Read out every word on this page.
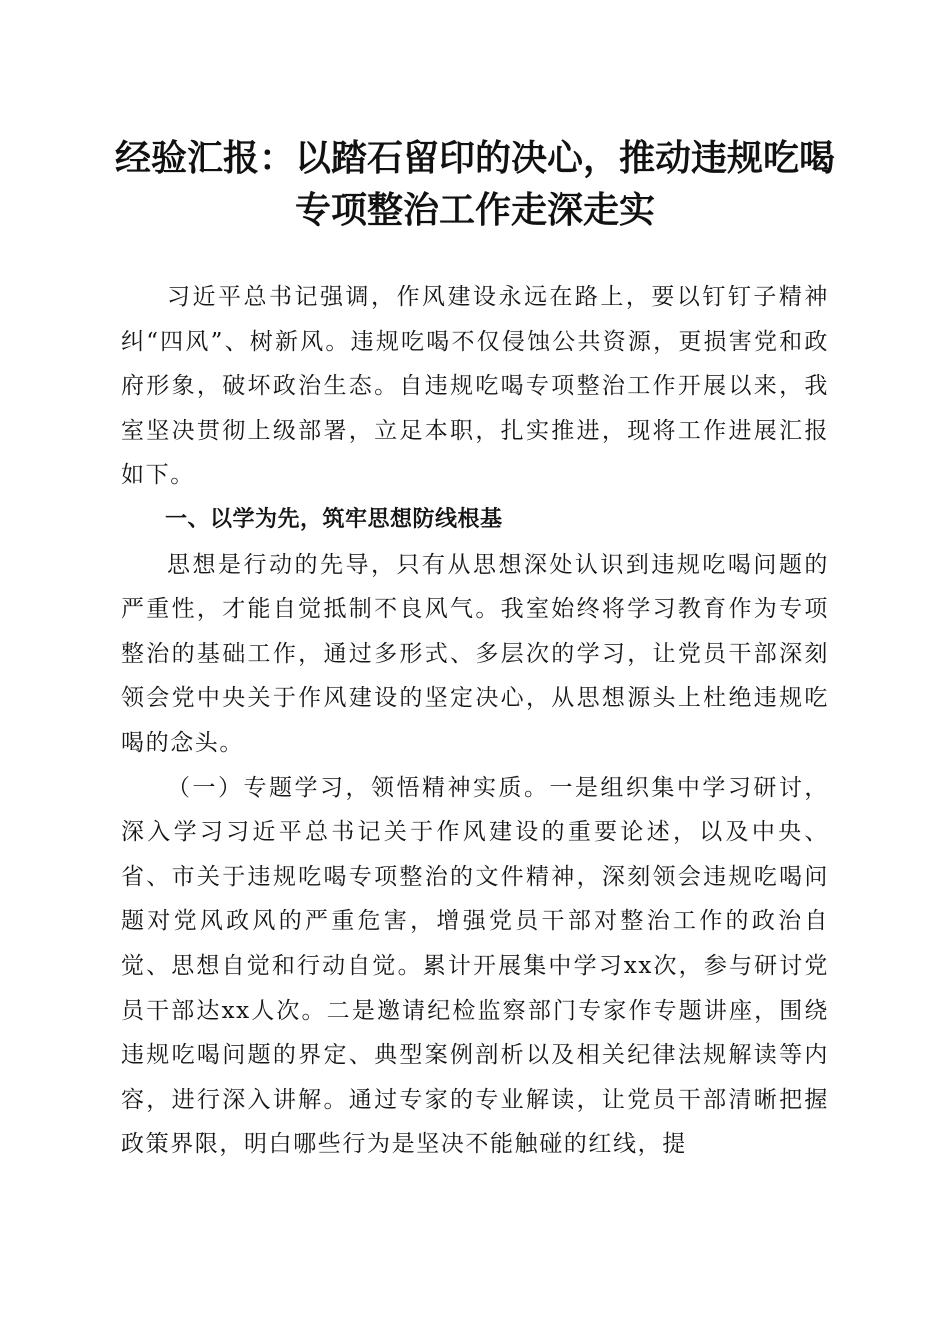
经验汇报：以踏石留印的决心，推动违规吃喝
专项整治工作走深走实

习近平总书记强调，作风建设永远在路上，要以钉钉子精神纠“四风”、树新风。违规吃喝不仅侵蚀公共资源，更损害党和政府形象，破坏政治生态。自违规吃喝专项整治工作开展以来，我室坚决贯彻上级部署，立足本职，扎实推进，现将工作进展汇报如下。

一、以学为先，筑牢思想防线根基

思想是行动的先导，只有从思想深处认识到违规吃喝问题的严重性，才能自觉抵制不良风气。我室始终将学习教育作为专项整治的基础工作，通过多形式、多层次的学习，让党员干部深刻领会党中央关于作风建设的坚定决心，从思想源头上杜绝违规吃喝的念头。

（一）专题学习，领悟精神实质。一是组织集中学习研讨，深入学习习近平总书记关于作风建设的重要论述，以及中央、省、市关于违规吃喝专项整治的文件精神，深刻领会违规吃喝问题对党风政风的严重危害，增强党员干部对整治工作的政治自觉、思想自觉和行动自觉。累计开展集中学习xx次，参与研讨党员干部达xx人次。二是邀请纪检监察部门专家作专题讲座，围绕违规吃喝问题的界定、典型案例剖析以及相关纪律法规解读等内容，进行深入讲解。通过专家的专业解读，让党员干部清晰把握政策界限，明白哪些行为是坚决不能触碰的红线，提
